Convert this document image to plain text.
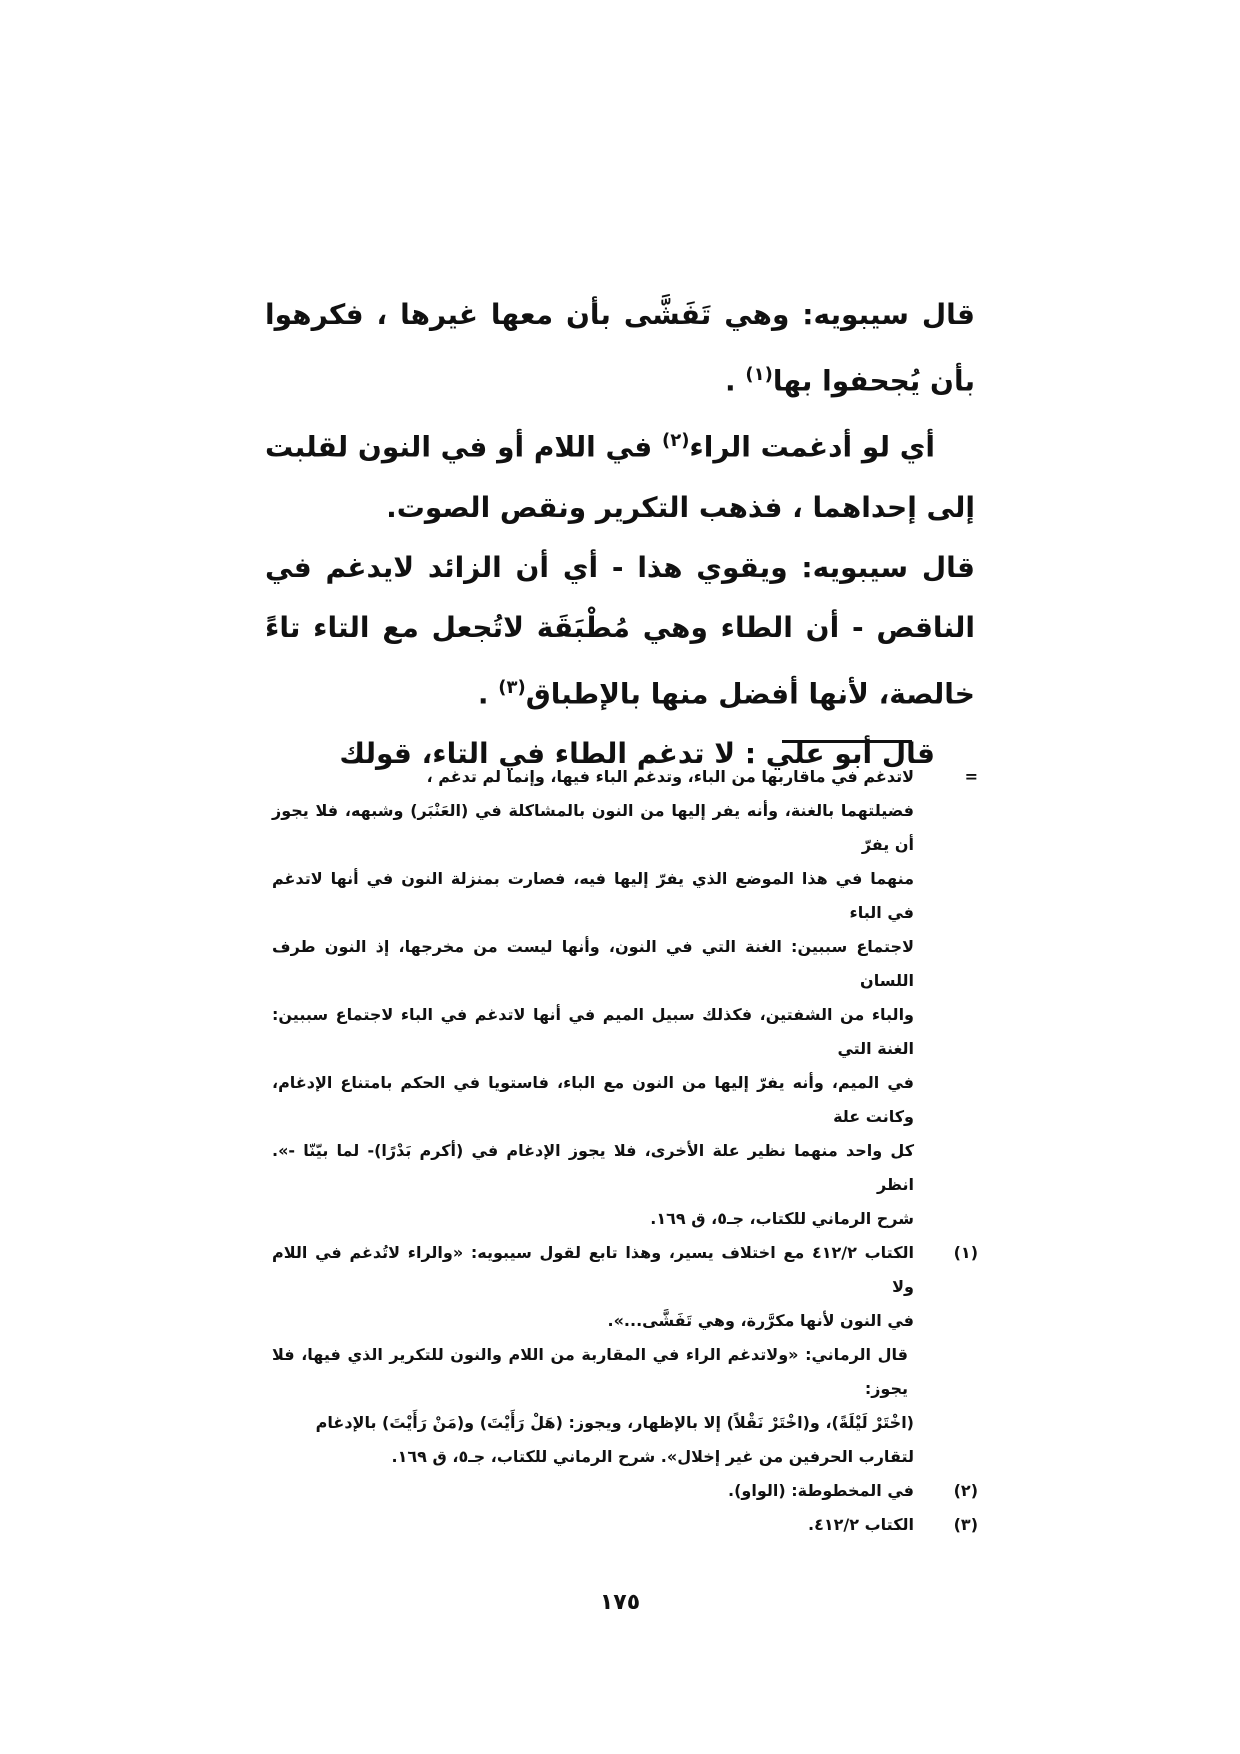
قال سيبويه: وهي تَفَشَّى بأن معها غيرها ، فكرهوا بأن يُجحفوا بها$^{(١)}$ .

أي لو أدغمت الراء$^{(٢)}$ في اللام أو في النون لقلبت إلى إحداهما ، فذهب التكرير ونقص الصوت.

قال سيبويه: ويقوي هذا - أي أن الزائد لايدغم في الناقص - أن الطاء وهي مُطْبَقَة لاتُجعل مع التاء تاءً خالصة، لأنها أفضل منها بالإطباق$^{(٣)}$ .

قال أبو علي : لا تدغم الطاء في التاء، قولك

=

لاتدغم في ماقاربها من الباء، وتدغم الباء فيها، وإنما لم تدغم ،

فضيلتهما بالغنة، وأنه يفر إليها من النون بالمشاكلة في (العَنْبَر) وشبهه، فلا يجوز أن يفرّ

منهما في هذا الموضع الذي يفرّ إليها فيه، فصارت بمنزلة النون في أنها لاتدغم في الباء

لاجتماع سببين: الغنة التي في النون، وأنها ليست من مخرجها، إذ النون طرف اللسان

والباء من الشفتين، فكذلك سبيل الميم في أنها لاتدغم في الباء لاجتماع سببين: الغنة التي

في الميم، وأنه يفرّ إليها من النون مع الباء، فاستويا في الحكم بامتناع الإدغام، وكانت علة

كل واحد منهما نظير علة الأخرى، فلا يجوز الإدغام في (أكرم بَدْرًا)- لما بيّنّا -». انظر

شرح الرماني للكتاب، جـ٥، ق ١٦٩.

(١)

الكتاب ٤١٢/٢ مع اختلاف يسير، وهذا تابع لقول سيبويه: «والراء لاتُدغم في اللام ولا

في النون لأنها مكرَّرة، وهي تَفَشَّى...».

قال الرماني: «ولاتدغم الراء في المقاربة من اللام والنون للتكرير الذي فيها، فلا يجوز:

(اخْتَرْ لَيْلَةً)، و(اخْتَرْ نَقْلاً) إلا بالإظهار، ويجوز: (هَلْ رَأَيْتَ) و(مَنْ رَأَيْتَ) بالإدغام

لتقارب الحرفين من غير إخلال». شرح الرماني للكتاب، جـ٥، ق ١٦٩.

(٢)

في المخطوطة: (الواو).

(٣)

الكتاب ٤١٢/٢.

١٧٥
